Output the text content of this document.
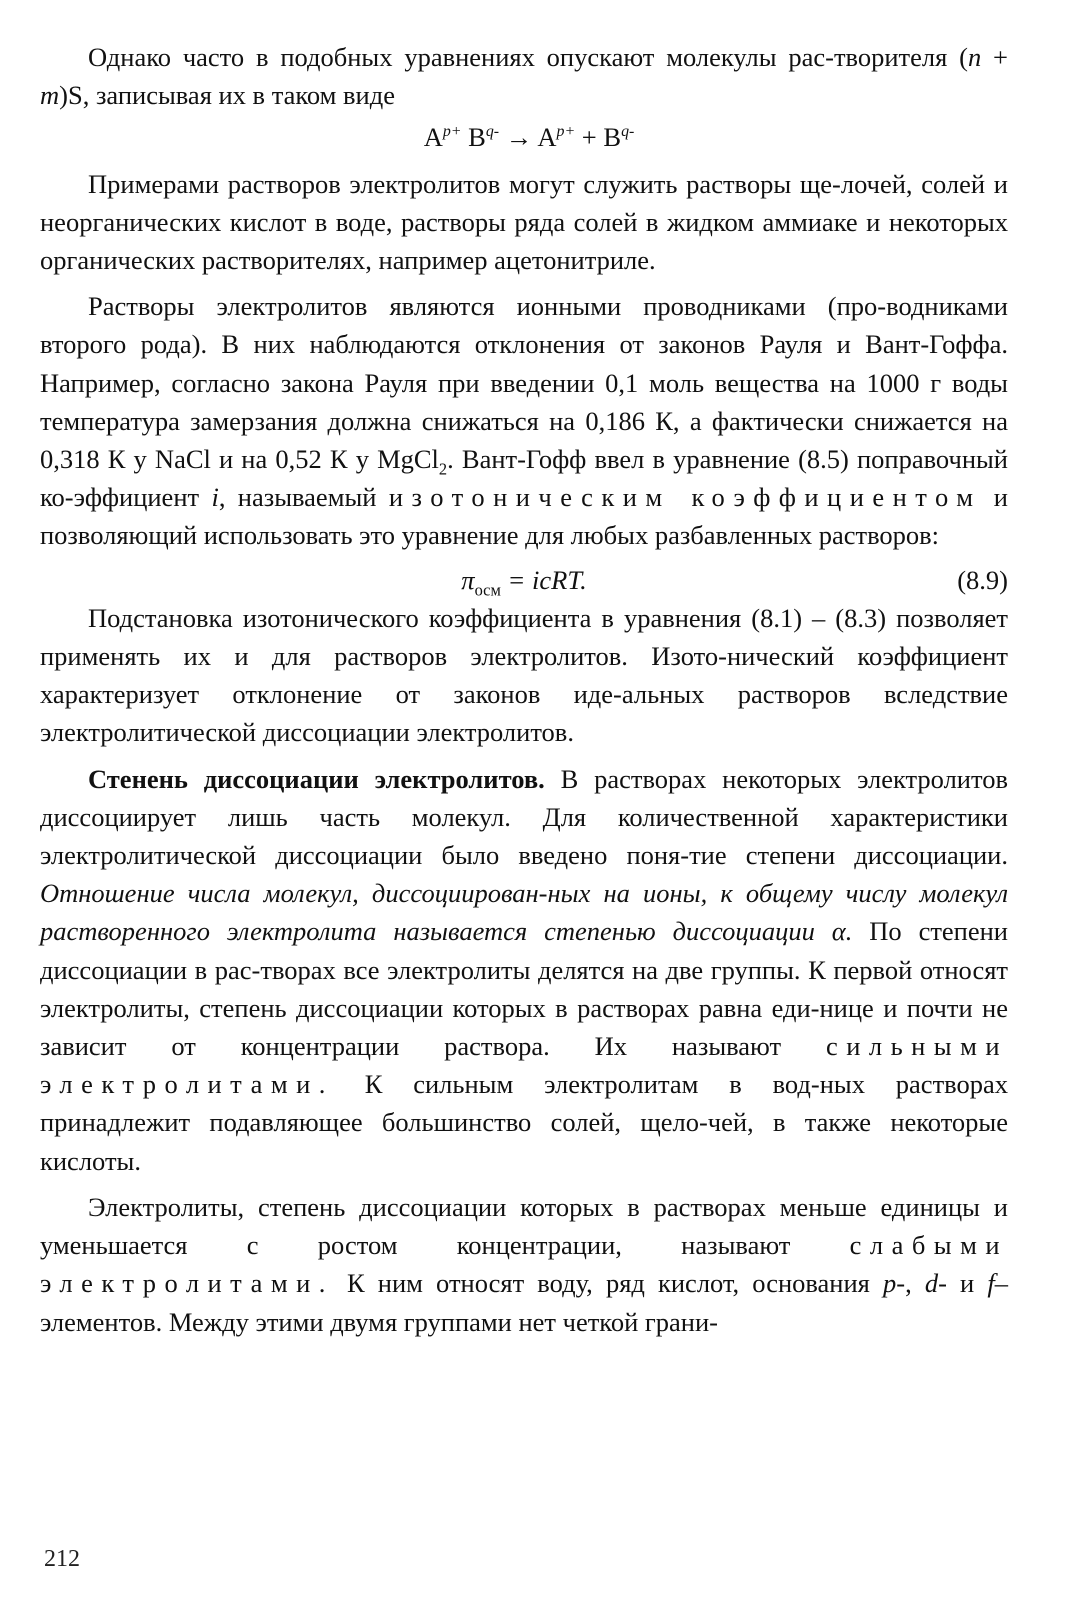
Однако часто в подобных уравнениях опускают молекулы рас-творителя (n + m)S, записывая их в таком виде

$A^{p+}$ $B^{q-} \to A^{p+} + B^{q-}$

Примерами растворов электролитов могут служить растворы ще-лочей, солей и неорганических кислот в воде, растворы ряда солей в жидком аммиаке и некоторых органических растворителях, например ацетонитриле.

Растворы электролитов являются ионными проводниками (про-водниками второго рода). В них наблюдаются отклонения от законов Рауля и Вант-Гоффа. Например, согласно закона Рауля при введении 0,1 моль вещества на 1000 г воды температура замерзания должна снижаться на 0,186 К, а фактически снижается на 0,318 К у NaCl и на 0,52 К у MgCl$_2$. Вант-Гофф ввел в уравнение (8.5) поправочный ко-эффициент i, называемый изотоническим коэффициентом и позволяющий использовать это уравнение для любых разбавленных растворов:

$\pi_{осм}$ = icRT.	(8.9)

Подстановка изотонического коэффициента в уравнения (8.1) – (8.3) позволяет применять их и для растворов электролитов. Изото-нический коэффициент характеризует отклонение от законов иде-альных растворов вследствие электролитической диссоциации электролитов.

Стенень диссоциации электролитов. В растворах некоторых электролитов диссоциирует лишь часть молекул. Для количественной характеристики электролитической диссоциации было введено поня-тие степени диссоциации. Отношение числа молекул, диссоциирован-ных на ионы, к общему числу молекул растворенного электролита называется степенью диссоциации α. По степени диссоциации в рас-творах все электролиты делятся на две группы. К первой относят электролиты, степень диссоциации которых в растворах равна еди-нице и почти не зависит от концентрации раствора. Их называют сильными электролитами. К сильным электролитам в вод-ных растворах принадлежит подавляющее большинство солей, щело-чей, в также некоторые кислоты.

Электролиты, степень диссоциации которых в растворах меньше единицы и уменьшается с ростом концентрации, называют слабыми электролитами. К ним относят воду, ряд кислот, основания p-, d- и f–элементов. Между этими двумя группами нет четкой грани-

212
